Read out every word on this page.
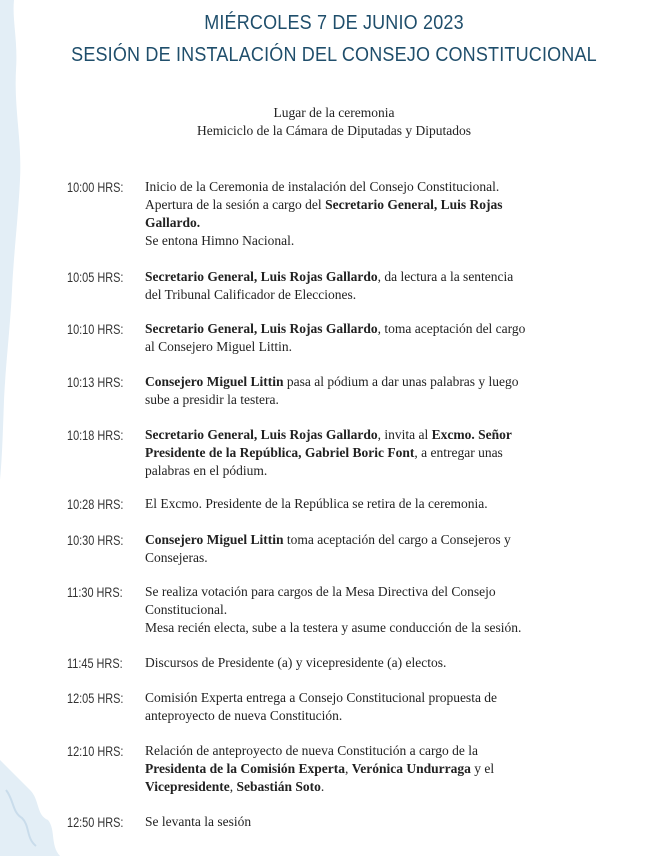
MIÉRCOLES 7 DE JUNIO 2023
SESIÓN DE INSTALACIÓN DEL CONSEJO CONSTITUCIONAL
Lugar de la ceremonia
Hemiciclo de la Cámara de Diputadas y Diputados
10:00 HRS: Inicio de la Ceremonia de instalación del Consejo Constitucional.
Apertura de la sesión a cargo del Secretario General, Luis Rojas
Gallardo.
Se entona Himno Nacional.
10:05 HRS: Secretario General, Luis Rojas Gallardo, da lectura a la sentencia
del Tribunal Calificador de Elecciones.
10:10 HRS: Secretario General, Luis Rojas Gallardo, toma aceptación del cargo
al Consejero Miguel Littin.
10:13 HRS: Consejero Miguel Littin pasa al pódium a dar unas palabras y luego
sube a presidir la testera.
10:18 HRS: Secretario General, Luis Rojas Gallardo, invita al Excmo. Señor
Presidente de la República, Gabriel Boric Font, a entregar unas
palabras en el pódium.
10:28 HRS: El Excmo. Presidente de la República se retira de la ceremonia.
10:30 HRS: Consejero Miguel Littin toma aceptación del cargo a Consejeros y
Consejeras.
11:30 HRS: Se realiza votación para cargos de la Mesa Directiva del Consejo
Constitucional.
Mesa recién electa, sube a la testera y asume conducción de la sesión.
11:45 HRS: Discursos de Presidente (a) y vicepresidente (a) electos.
12:05 HRS: Comisión Experta entrega a Consejo Constitucional propuesta de
anteproyecto de nueva Constitución.
12:10 HRS: Relación de anteproyecto de nueva Constitución a cargo de la
Presidenta de la Comisión Experta, Verónica Undurraga y el
Vicepresidente, Sebastián Soto.
12:50 HRS: Se levanta la sesión
